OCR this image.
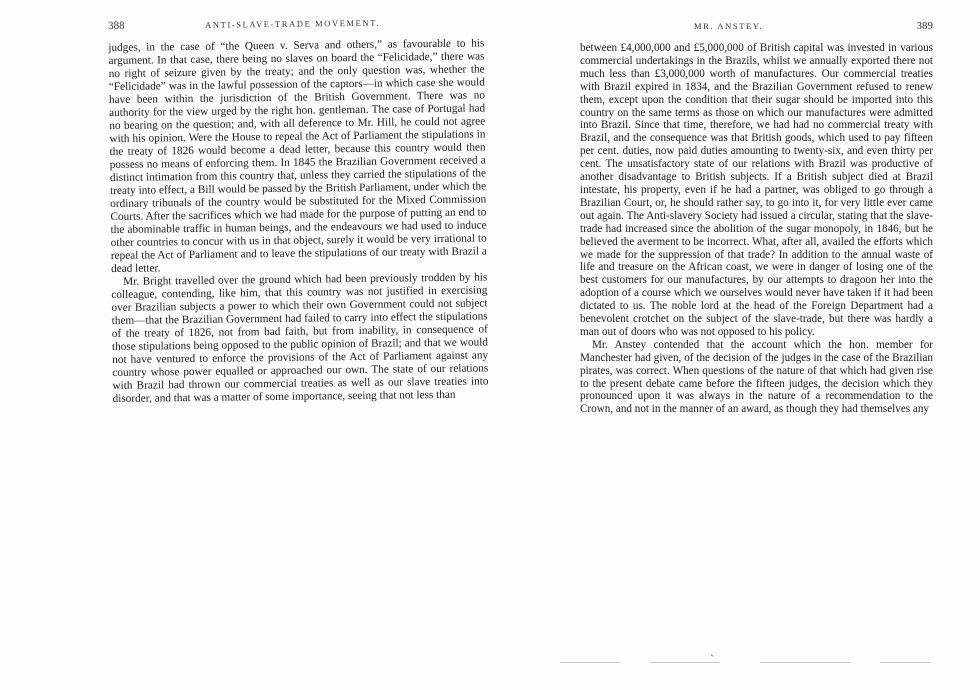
388	ANTI-SLAVE-TRADE MOVEMENT.

judges, in the case of “the Queen v. Serva and others,” as favourable to his argument. In that case, there being no slaves on board the “Felicidade,” there was no right of seizure given by the treaty; and the only question was, whether the “Felicidade” was in the lawful possession of the captors—in which case she would have been within the jurisdiction of the British Government. There was no authority for the view urged by the right hon. gentleman. The case of Portugal had no bearing on the question; and, with all deference to Mr. Hill, he could not agree with his opinion. Were the House to repeal the Act of Parliament the stipulations in the treaty of 1826 would become a dead letter, because this country would then possess no means of enforcing them. In 1845 the Brazilian Government received a distinct intimation from this country that, unless they carried the stipulations of the treaty into effect, a Bill would be passed by the British Parliament, under which the ordinary tribunals of the country would be substituted for the Mixed Commission Courts. After the sacrifices which we had made for the purpose of putting an end to the abominable traffic in human beings, and the endeavours we had used to induce other countries to concur with us in that object, surely it would be very irrational to repeal the Act of Parliament and to leave the stipulations of our treaty with Brazil a dead letter.

Mr. Bright travelled over the ground which had been previously trodden by his colleague, contending, like him, that this country was not justified in exercising over Brazilian subjects a power to which their own Government could not subject them—that the Brazilian Government had failed to carry into effect the stipulations of the treaty of 1826, not from bad faith, but from inability, in consequence of those stipulations being opposed to the public opinion of Brazil; and that we would not have ventured to enforce the provisions of the Act of Parliament against any country whose power equalled or approached our own. The state of our relations with Brazil had thrown our commercial treaties as well as our slave treaties into disorder, and that was a matter of some importance, seeing that not less than

MR. ANSTEY.	389

between £4,000,000 and £5,000,000 of British capital was invested in various commercial undertakings in the Brazils, whilst we annually exported there not much less than £3,000,000 worth of manufactures. Our commercial treaties with Brazil expired in 1834, and the Brazilian Government refused to renew them, except upon the condition that their sugar should be imported into this country on the same terms as those on which our manufactures were admitted into Brazil. Since that time, therefore, we had had no commercial treaty with Brazil, and the consequence was that British goods, which used to pay fifteen per cent. duties, now paid duties amounting to twenty-six, and even thirty per cent. The unsatisfactory state of our relations with Brazil was productive of another disadvantage to British subjects. If a British subject died at Brazil intestate, his property, even if he had a partner, was obliged to go through a Brazilian Court, or, he should rather say, to go into it, for very little ever came out again. The Anti-slavery Society had issued a circular, stating that the slave-trade had increased since the abolition of the sugar monopoly, in 1846, but he believed the averment to be incorrect. What, after all, availed the efforts which we made for the suppression of that trade? In addition to the annual waste of life and treasure on the African coast, we were in danger of losing one of the best customers for our manufactures, by our attempts to dragoon her into the adoption of a course which we ourselves would never have taken if it had been dictated to us. The noble lord at the head of the Foreign Department had a benevolent crotchet on the subject of the slave-trade, but there was hardly a man out of doors who was not opposed to his policy.

Mr. Anstey contended that the account which the hon. member for Manchester had given, of the decision of the judges in the case of the Brazilian pirates, was correct. When questions of the nature of that which had given rise to the present debate came before the fifteen judges, the decision which they pronounced upon it was always in the nature of a recommendation to the Crown, and not in the manner of an award, as though they had themselves any

ˋ
